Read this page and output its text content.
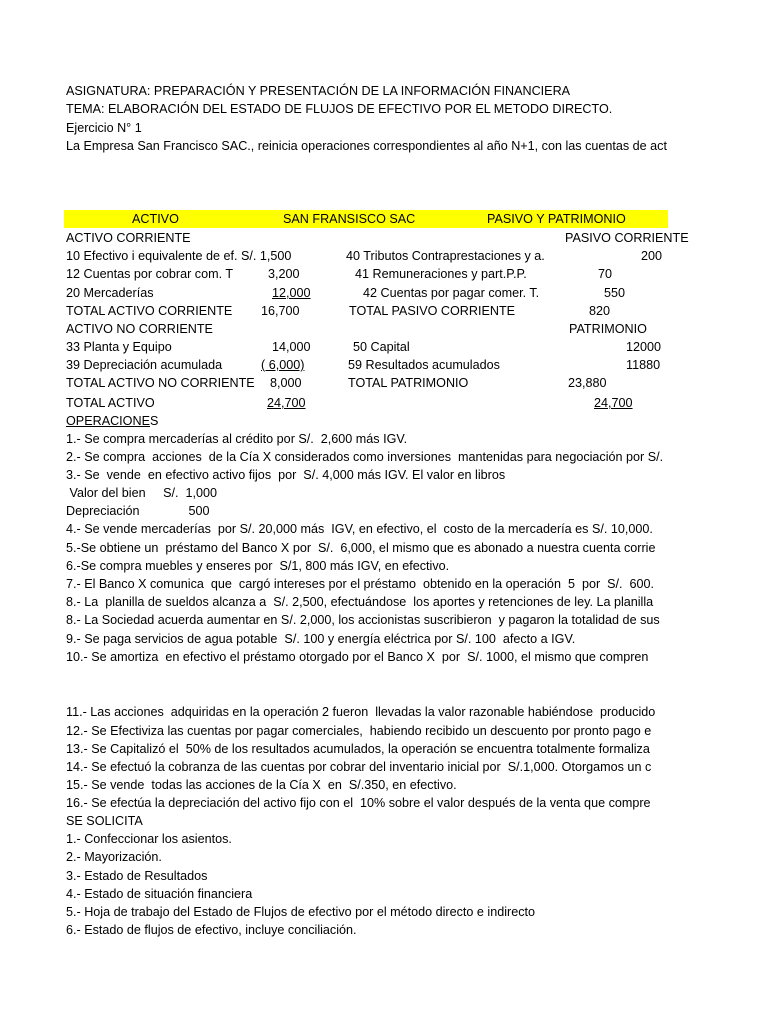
ASIGNATURA: PREPARACIÓN Y PRESENTACIÓN DE LA INFORMACIÓN FINANCIERA
TEMA: ELABORACIÓN DEL ESTADO DE FLUJOS DE EFECTIVO POR EL METODO DIRECTO.
Ejercicio N° 1
La Empresa San Francisco SAC., reinicia operaciones correspondientes al año N+1, con las cuentas de act
ACTIVO	SAN FRANSISCO SAC	PASIVO Y PATRIMONIO
ACTIVO CORRIENTE	PASIVO CORRIENTE
10 Efectivo i equivalente de ef. S/. 1,500	40 Tributos Contraprestaciones y a.	200
12 Cuentas por cobrar com. T	3,200	41 Remuneraciones y part.P.P.	70
20 Mercaderías	12,000	42 Cuentas por pagar comer. T.	550
TOTAL ACTIVO CORRIENTE 16,700	TOTAL PASIVO CORRIENTE	820
ACTIVO NO CORRIENTE	PATRIMONIO
33 Planta y Equipo	14,000	50 Capital	12000
39 Depreciación acumulada	( 6,000)	59 Resultados acumulados	11880
TOTAL ACTIVO NO CORRIENTE 8,000	TOTAL PATRIMONIO	23,880
TOTAL ACTIVO	24,700	24,700
OPERACIONES
1.- Se compra mercaderías al crédito por S/.  2,600 más IGV.
2.- Se compra  acciones  de la Cía X considerados como inversiones  mantenidas para negociación por S/.
3.- Se  vende  en efectivo activo fijos  por  S/. 4,000 más IGV. El valor en libros
Valor del bien     S/.  1,000
Depreciación              500
4.- Se vende mercaderías  por S/. 20,000 más  IGV, en efectivo, el  costo de la mercadería es S/. 10,000.
5.-Se obtiene un  préstamo del Banco X por  S/.  6,000, el mismo que es abonado a nuestra cuenta corrie
6.-Se compra muebles y enseres por  S/1, 800 más IGV, en efectivo.
7.- El Banco X comunica  que  cargó intereses por el préstamo  obtenido en la operación  5  por  S/.  600.
8.- La  planilla de sueldos alcanza a  S/. 2,500, efectuándose  los aportes y retenciones de ley. La planilla
8.- La Sociedad acuerda aumentar en S/. 2,000, los accionistas suscribieron  y pagaron la totalidad de sus
9.- Se paga servicios de agua potable  S/. 100 y energía eléctrica por S/. 100  afecto a IGV.
10.- Se amortiza  en efectivo el préstamo otorgado por el Banco X  por  S/. 1000, el mismo que compren
11.- Las acciones  adquiridas en la operación 2 fueron  llevadas la valor razonable habiéndose  producido
12.- Se Efectiviza las cuentas por pagar comerciales,  habiendo recibido un descuento por pronto pago e
13.- Se Capitalizó el  50% de los resultados acumulados, la operación se encuentra totalmente formaliza
14.- Se efectuó la cobranza de las cuentas por cobrar del inventario inicial por  S/.1,000. Otorgamos un c
15.- Se vende  todas las acciones de la Cía X  en  S/.350, en efectivo.
16.- Se efectúa la depreciación del activo fijo con el  10% sobre el valor después de la venta que compre
SE SOLICITA
1.- Confeccionar los asientos.
2.- Mayorización.
3.- Estado de Resultados
4.- Estado de situación financiera
5.- Hoja de trabajo del Estado de Flujos de efectivo por el método directo e indirecto
6.- Estado de flujos de efectivo, incluye conciliación.
